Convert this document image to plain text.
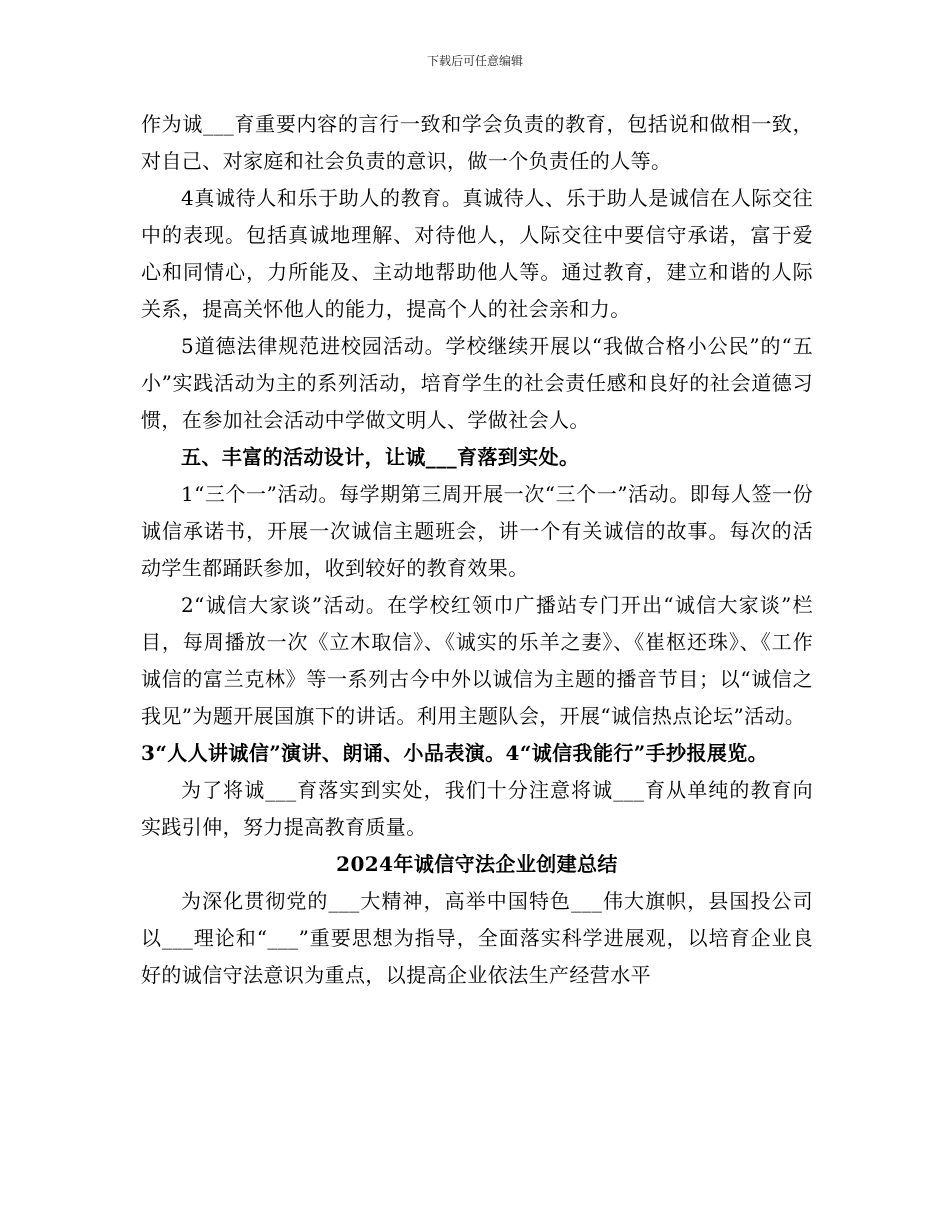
下载后可任意编辑

作为诚___育重要内容的言行一致和学会负责的教育，包括说和做相一致，对自己、对家庭和社会负责的意识，做一个负责任的人等。

4真诚待人和乐于助人的教育。真诚待人、乐于助人是诚信在人际交往中的表现。包括真诚地理解、对待他人，人际交往中要信守承诺，富于爱心和同情心，力所能及、主动地帮助他人等。通过教育，建立和谐的人际关系，提高关怀他人的能力，提高个人的社会亲和力。

5道德法律规范进校园活动。学校继续开展以“我做合格小公民”的“五小”实践活动为主的系列活动，培育学生的社会责任感和良好的社会道德习惯，在参加社会活动中学做文明人、学做社会人。

五、丰富的活动设计，让诚___育落到实处。

1“三个一”活动。每学期第三周开展一次“三个一”活动。即每人签一份诚信承诺书，开展一次诚信主题班会，讲一个有关诚信的故事。每次的活动学生都踊跃参加，收到较好的教育效果。

2“诚信大家谈”活动。在学校红领巾广播站专门开出“诚信大家谈”栏目，每周播放一次《立木取信》、《诚实的乐羊之妻》、《崔枢还珠》、《工作诚信的富兰克林》等一系列古今中外以诚信为主题的播音节目；以“诚信之我见”为题开展国旗下的讲话。利用主题队会，开展“诚信热点论坛”活动。

3“人人讲诚信”演讲、朗诵、小品表演。4“诚信我能行”手抄报展览。

为了将诚___育落实到实处，我们十分注意将诚___育从单纯的教育向实践引伸，努力提高教育质量。

2024年诚信守法企业创建总结

为深化贯彻党的___大精神，高举中国特色___伟大旗帜，县国投公司以___理论和“___”重要思想为指导，全面落实科学进展观，以培育企业良好的诚信守法意识为重点，以提高企业依法生产经营水平
